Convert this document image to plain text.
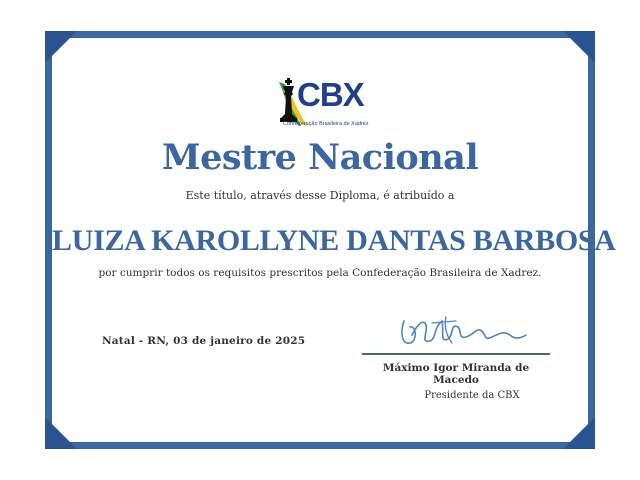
CBX
Confederação Brasileira de Xadrez
Mestre Nacional
Este título, através desse Diploma, é atribuído a
LUIZA KAROLLYNE DANTAS BARBOSA
por cumprir todos os requisitos prescritos pela Confederação Brasileira de Xadrez.
Natal - RN, 03 de janeiro de 2025
Máximo Igor Miranda de Macedo
Presidente da CBX
